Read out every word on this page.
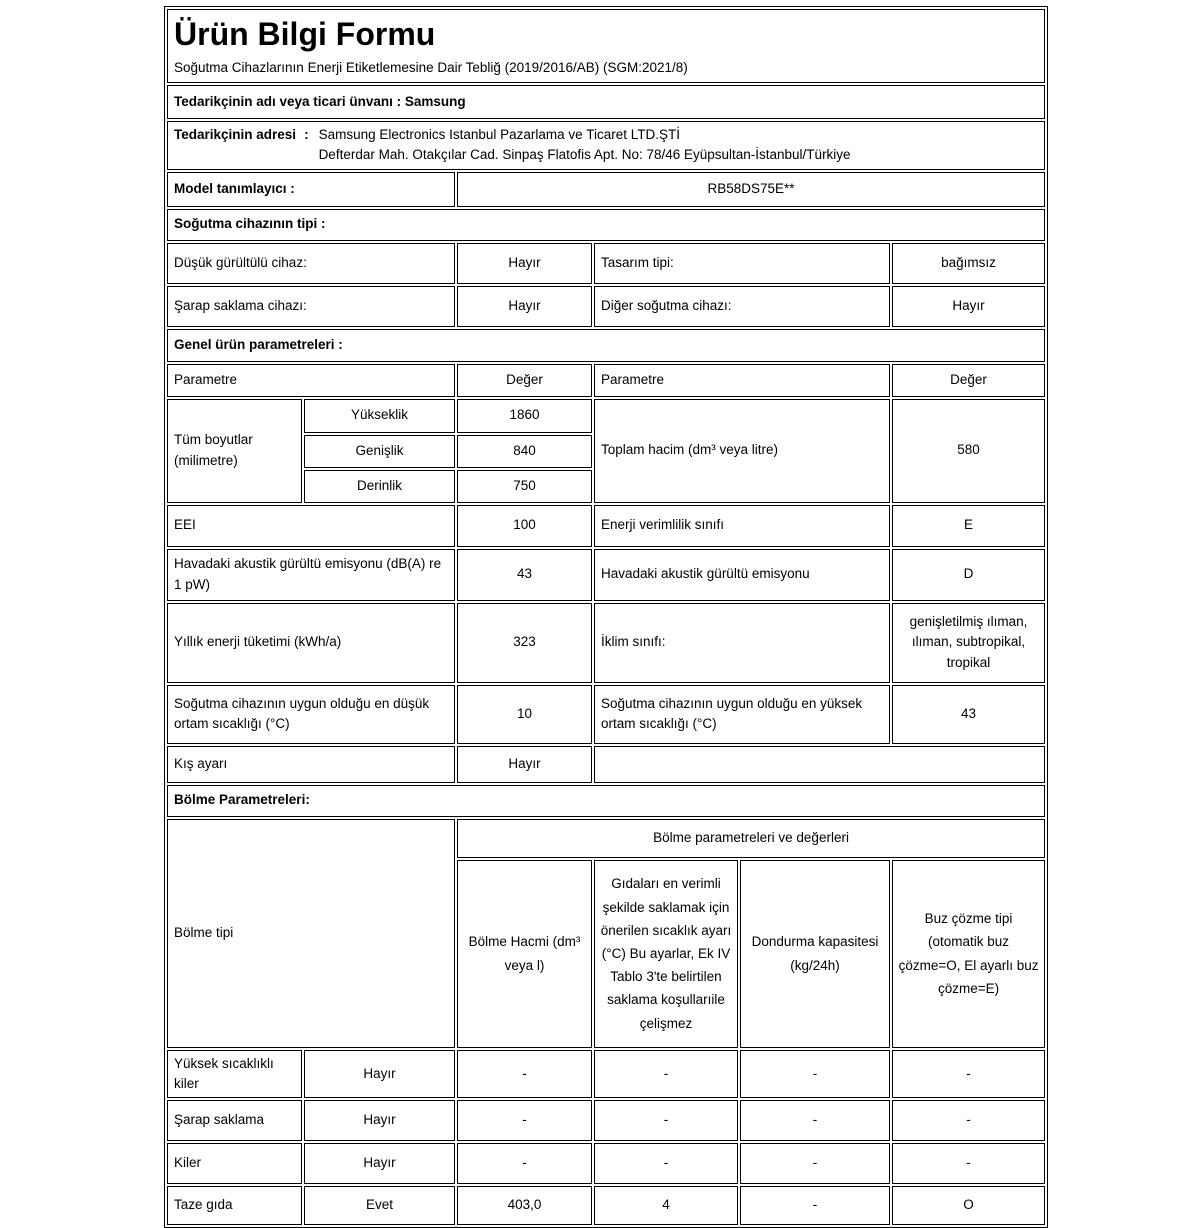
Ürün Bilgi Formu
Soğutma Cihazlarının Enerji Etiketlemesine Dair Tebliğ (2019/2016/AB) (SGM:2021/8)					

Tedarikçinin adı veya ticari ünvanı : Samsung					

Tedarikçinin adresi : Samsung Electronics Istanbul Pazarlama ve Ticaret LTD.ŞTİ
Defterdar Mah. Otakçılar Cad. Sinpaş Flatofis Apt. No: 78/46 Eyüpsultan-İstanbul/Türkiye					

Model tanımlayıcı :		RB58DS75E**			
Soğutma cihazının tipi :					
Düşük gürültülü cihaz:		Hayır	Tasarım tipi:		bağımsız
Şarap saklama cihazı:		Hayır	Diğer soğutma cihazı:		Hayır
Genel ürün parametreleri :					
Parametre		Değer	Parametre		Değer
Tüm boyutlar (milimetre)	Yükseklik	1860	Toplam hacim (dm³ veya litre)		580
	Genişlik	840			
	Derinlik	750			
EEI		100	Enerji verimlilik sınıfı		E
Havadaki akustik gürültü emisyonu (dB(A) re 1 pW)		43	Havadaki akustik gürültü emisyonu		D
Yıllık enerji tüketimi (kWh/a)		323	İklim sınıfı:		genişletilmiş ılıman, ılıman, subtropikal, tropikal
Soğutma cihazının uygun olduğu en düşük ortam sıcaklığı (°C)		10	Soğutma cihazının uygun olduğu en yüksek ortam sıcaklığı (°C)		43
Kış ayarı		Hayır			
Bölme Parametreleri:					
Bölme tipi		Bölme parametreleri ve değerleri			
		Bölme Hacmi (dm³ veya l)	Gıdaları en verimli şekilde saklamak için önerilen sıcaklık ayarı (°C) Bu ayarlar, Ek IV Tablo 3'te belirtilen saklama koşullarıile çelişmez	Dondurma kapasitesi (kg/24h)	Buz çözme tipi (otomatik buz çözme=O, El ayarlı buz çözme=E)
Yüksek sıcaklıklı kiler	Hayır	-	-	-	-
Şarap saklama	Hayır	-	-	-	-
Kiler	Hayır	-	-	-	-
Taze gıda	Evet	403,0	4	-	O
